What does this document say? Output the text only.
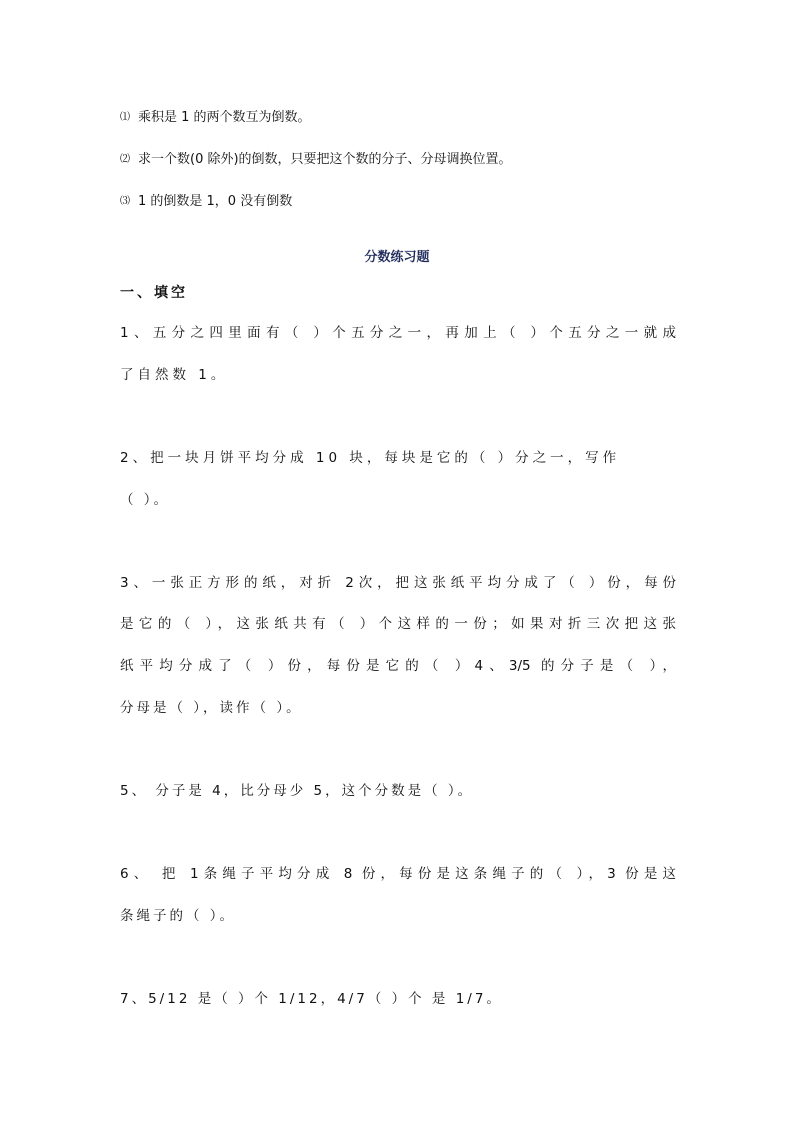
⑴ 乘积是 1 的两个数互为倒数。
⑵ 求一个数(0 除外)的倒数，只要把这个数的分子、分母调换位置。
⑶ 1 的倒数是 1，0 没有倒数
分数练习题
一、填空
1、五分之四里面有（ ）个五分之一，再加上（ ）个五分之一就成
了自然数 1。
2、把一块月饼平均分成 10 块，每块是它的（ ）分之一，写作
（ ）。
3、一张正方形的纸，对折 2次，把这张纸平均分成了（ ）份，每份
是它的（ ），这张纸共有（ ）个这样的一份；如果对折三次把这张
纸平均分成了（ ）份，每份是它的（ ）4、3/5 的分子是（ ），
分母是（ ），读作（ ）。
5、 分子是 4，比分母少 5，这个分数是（ ）。
6、 把 1条绳子平均分成 8 份，每份是这条绳子的（ ），3 份是这
条绳子的（ ）。
7、5/12 是（ ）个 1/12，4/7（ ）个 是 1/7。
